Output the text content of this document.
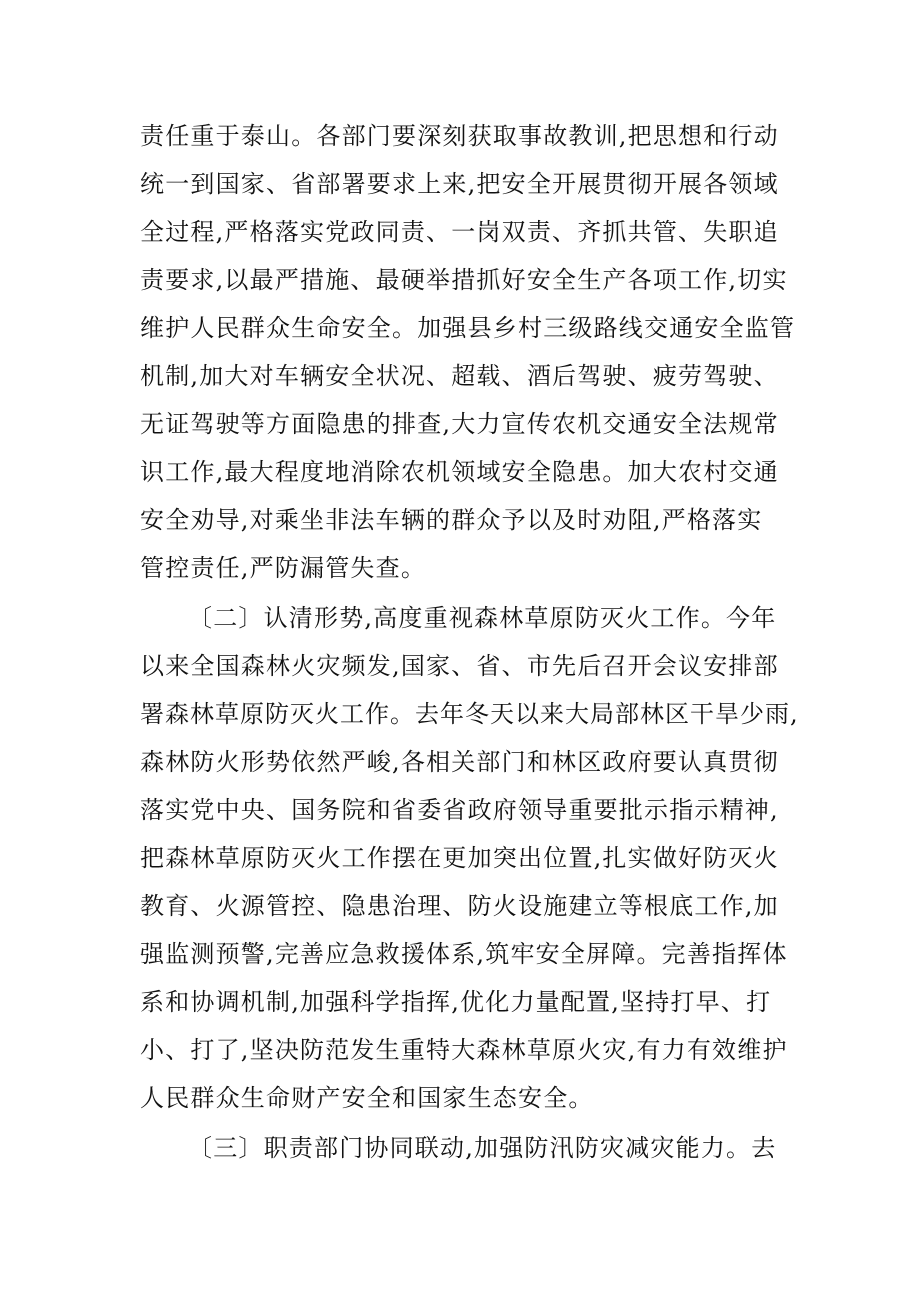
责任重于泰山。各部门要深刻获取事故教训,把思想和行动
统一到国家、省部署要求上来,把安全开展贯彻开展各领域
全过程,严格落实党政同责、一岗双责、齐抓共管、失职追
责要求,以最严措施、最硬举措抓好安全生产各项工作,切实
维护人民群众生命安全。加强县乡村三级路线交通安全监管
机制,加大对车辆安全状况、超载、酒后驾驶、疲劳驾驶、
无证驾驶等方面隐患的排查,大力宣传农机交通安全法规常
识工作,最大程度地消除农机领域安全隐患。加大农村交通
安全劝导,对乘坐非法车辆的群众予以及时劝阻,严格落实
管控责任,严防漏管失查。
〔二〕认清形势,高度重视森林草原防灭火工作。今年
以来全国森林火灾频发,国家、省、市先后召开会议安排部
署森林草原防灭火工作。去年冬天以来大局部林区干旱少雨,
森林防火形势依然严峻,各相关部门和林区政府要认真贯彻
落实党中央、国务院和省委省政府领导重要批示指示精神,
把森林草原防灭火工作摆在更加突出位置,扎实做好防灭火
教育、火源管控、隐患治理、防火设施建立等根底工作,加
强监测预警,完善应急救援体系,筑牢安全屏障。完善指挥体
系和协调机制,加强科学指挥,优化力量配置,坚持打早、打
小、打了,坚决防范发生重特大森林草原火灾,有力有效维护
人民群众生命财产安全和国家生态安全。
〔三〕职责部门协同联动,加强防汛防灾减灾能力。去
